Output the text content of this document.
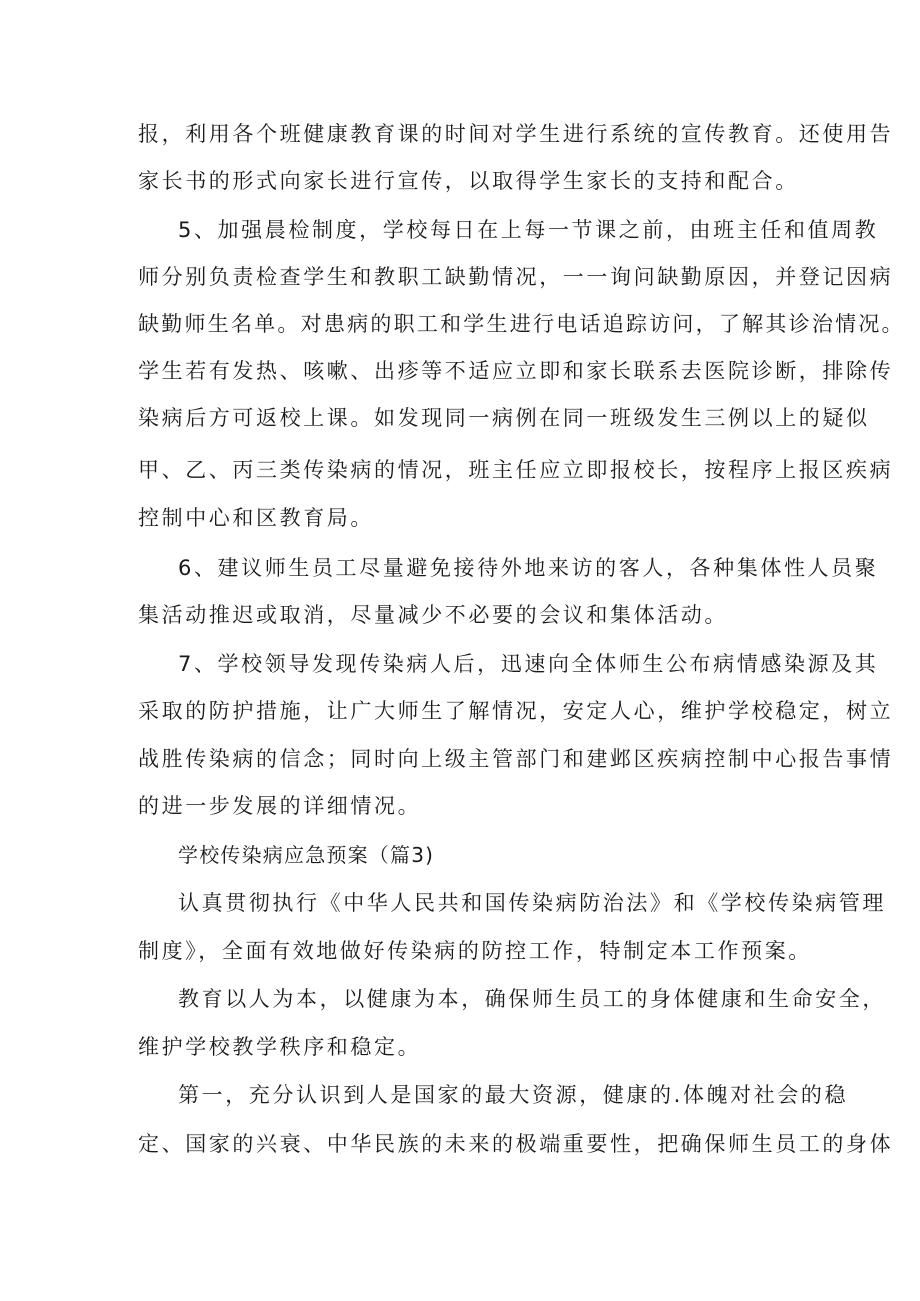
报，利用各个班健康教育课的时间对学生进行系统的宣传教育。还使用告
家长书的形式向家长进行宣传，以取得学生家长的支持和配合。
5、加强晨检制度，学校每日在上每一节课之前，由班主任和值周教
师分别负责检查学生和教职工缺勤情况，一一询问缺勤原因，并登记因病
缺勤师生名单。对患病的职工和学生进行电话追踪访问，了解其诊治情况。
学生若有发热、咳嗽、出疹等不适应立即和家长联系去医院诊断，排除传
染病后方可返校上课。如发现同一病例在同一班级发生三例以上的疑似
甲、乙、丙三类传染病的情况，班主任应立即报校长，按程序上报区疾病
控制中心和区教育局。
6、建议师生员工尽量避免接待外地来访的客人，各种集体性人员聚
集活动推迟或取消，尽量减少不必要的会议和集体活动。
7、学校领导发现传染病人后，迅速向全体师生公布病情感染源及其
采取的防护措施，让广大师生了解情况，安定人心，维护学校稳定，树立
战胜传染病的信念；同时向上级主管部门和建邺区疾病控制中心报告事情
的进一步发展的详细情况。
学校传染病应急预案（篇3)
认真贯彻执行《中华人民共和国传染病防治法》和《学校传染病管理
制度》，全面有效地做好传染病的防控工作，特制定本工作预案。
教育以人为本，以健康为本，确保师生员工的身体健康和生命安全，
维护学校教学秩序和稳定。
第一，充分认识到人是国家的最大资源，健康的.体魄对社会的稳
定、国家的兴衰、中华民族的未来的极端重要性，把确保师生员工的身体
